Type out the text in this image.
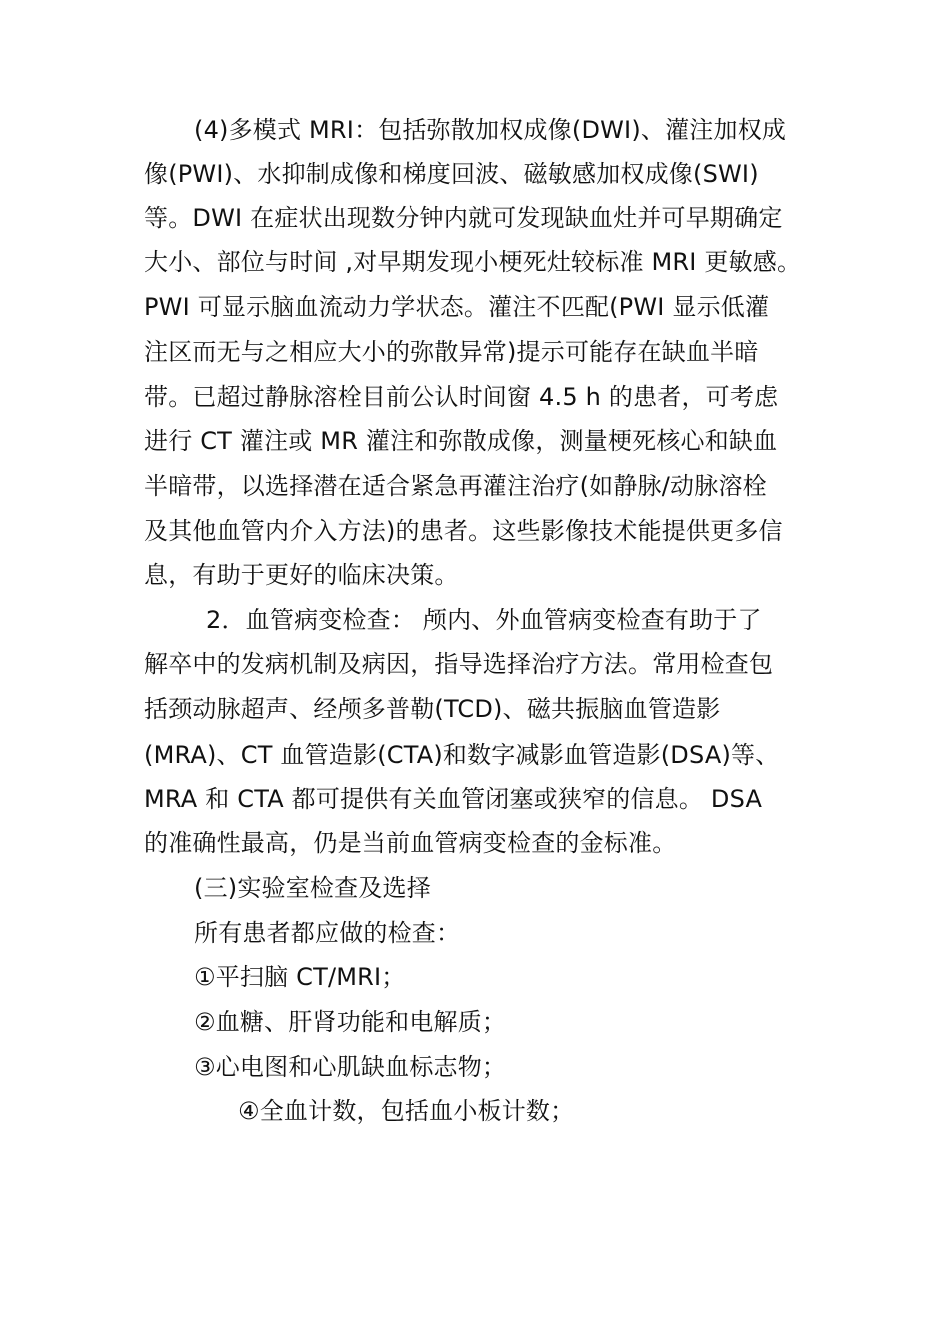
(4)多模式 MRI：包括弥散加权成像(DWI)、灌注加权成
像(PWI)、水抑制成像和梯度回波、磁敏感加权成像(SWI)
等。DWI 在症状出现数分钟内就可发现缺血灶并可早期确定
大小、部位与时间 ,对早期发现小梗死灶较标准 MRI 更敏感。
PWI 可显示脑血流动力学状态。灌注不匹配(PWI 显示低灌
注区而无与之相应大小的弥散异常)提示可能存在缺血半暗
带。已超过静脉溶栓目前公认时间窗 4.5 h 的患者，可考虑
进行 CT 灌注或 MR 灌注和弥散成像，测量梗死核心和缺血
半暗带，以选择潜在适合紧急再灌注治疗(如静脉/动脉溶栓
及其他血管内介入方法)的患者。这些影像技术能提供更多信
息，有助于更好的临床决策。
2．血管病变检查： 颅内、外血管病变检查有助于了
解卒中的发病机制及病因，指导选择治疗方法。常用检查包
括颈动脉超声、经颅多普勒(TCD)、磁共振脑血管造影
(MRA)、CT 血管造影(CTA)和数字减影血管造影(DSA)等、
MRA 和 CTA 都可提供有关血管闭塞或狭窄的信息。 DSA
的准确性最高，仍是当前血管病变检查的金标准。
(三)实验室检查及选择
所有患者都应做的检查：
①平扫脑 CT/MRI；
②血糖、肝肾功能和电解质；
③心电图和心肌缺血标志物；
④全血计数，包括血小板计数；
